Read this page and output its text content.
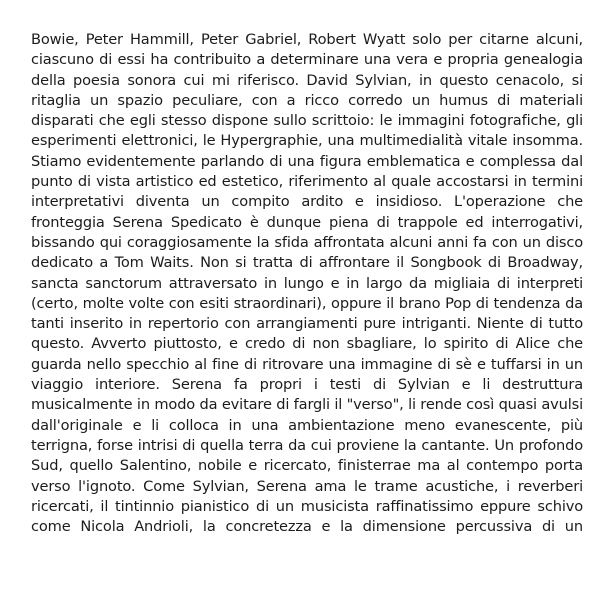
Bowie, Peter Hammill, Peter Gabriel, Robert Wyatt solo per citarne alcuni,
ciascuno di essi ha contribuito a determinare una vera e propria genealogia
della poesia sonora cui mi riferisco. David Sylvian, in questo cenacolo, si
ritaglia un spazio peculiare, con a ricco corredo un humus di materiali
disparati che egli stesso dispone sullo scrittoio: le immagini fotografiche, gli
esperimenti elettronici, le Hypergraphie, una multimedialità vitale insomma.
Stiamo evidentemente parlando di una figura emblematica e complessa dal
punto di vista artistico ed estetico, riferimento al quale accostarsi in termini
interpretativi diventa un compito ardito e insidioso. L'operazione che
fronteggia Serena Spedicato è dunque piena di trappole ed interrogativi,
bissando qui coraggiosamente la sfida affrontata alcuni anni fa con un disco
dedicato a Tom Waits. Non si tratta di affrontare il Songbook di Broadway,
sancta sanctorum attraversato in lungo e in largo da migliaia di interpreti
(certo, molte volte con esiti straordinari), oppure il brano Pop di tendenza da
tanti inserito in repertorio con arrangiamenti pure intriganti. Niente di tutto
questo. Avverto piuttosto, e credo di non sbagliare, lo spirito di Alice che
guarda nello specchio al fine di ritrovare una immagine di sè e tuffarsi in un
viaggio interiore. Serena fa propri i testi di Sylvian e li destruttura
musicalmente in modo da evitare di fargli il "verso", li rende così quasi avulsi
dall'originale e li colloca in una ambientazione meno evanescente, più
terrigna, forse intrisi di quella terra da cui proviene la cantante. Un profondo
Sud, quello Salentino, nobile e ricercato, finisterrae ma al contempo porta
verso l'ignoto. Come Sylvian, Serena ama le trame acustiche, i reverberi
ricercati, il tintinnio pianistico di un musicista raffinatissimo eppure schivo
come Nicola Andrioli, la concretezza e la dimensione percussiva di un
